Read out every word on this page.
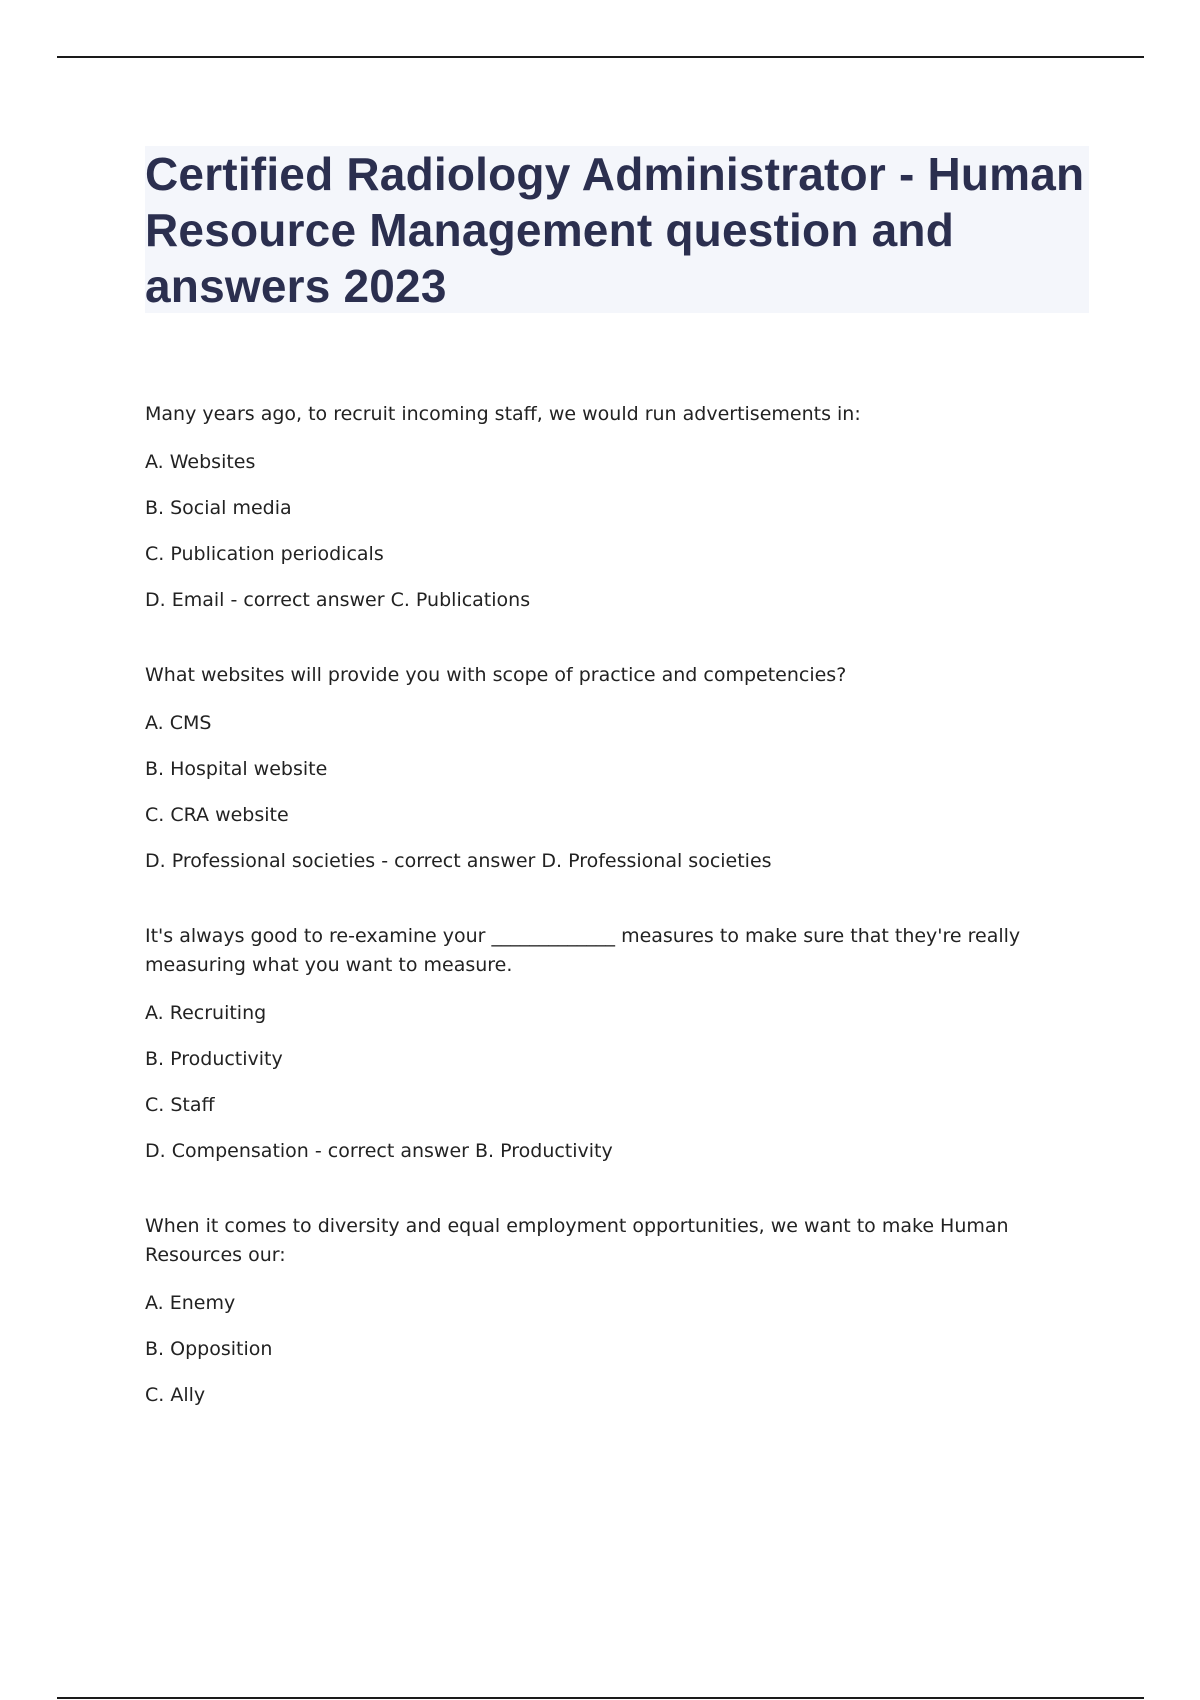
Certified Radiology Administrator - Human Resource Management question and answers 2023

Many years ago, to recruit incoming staff, we would run advertisements in:

A. Websites

B. Social media

C. Publication periodicals

D. Email - correct answer C. Publications

What websites will provide you with scope of practice and competencies?

A. CMS

B. Hospital website

C. CRA website

D. Professional societies - correct answer D. Professional societies

It's always good to re-examine your _____________ measures to make sure that they're really measuring what you want to measure.

A. Recruiting

B. Productivity

C. Staff

D. Compensation - correct answer B. Productivity

When it comes to diversity and equal employment opportunities, we want to make Human Resources our:

A. Enemy

B. Opposition

C. Ally
